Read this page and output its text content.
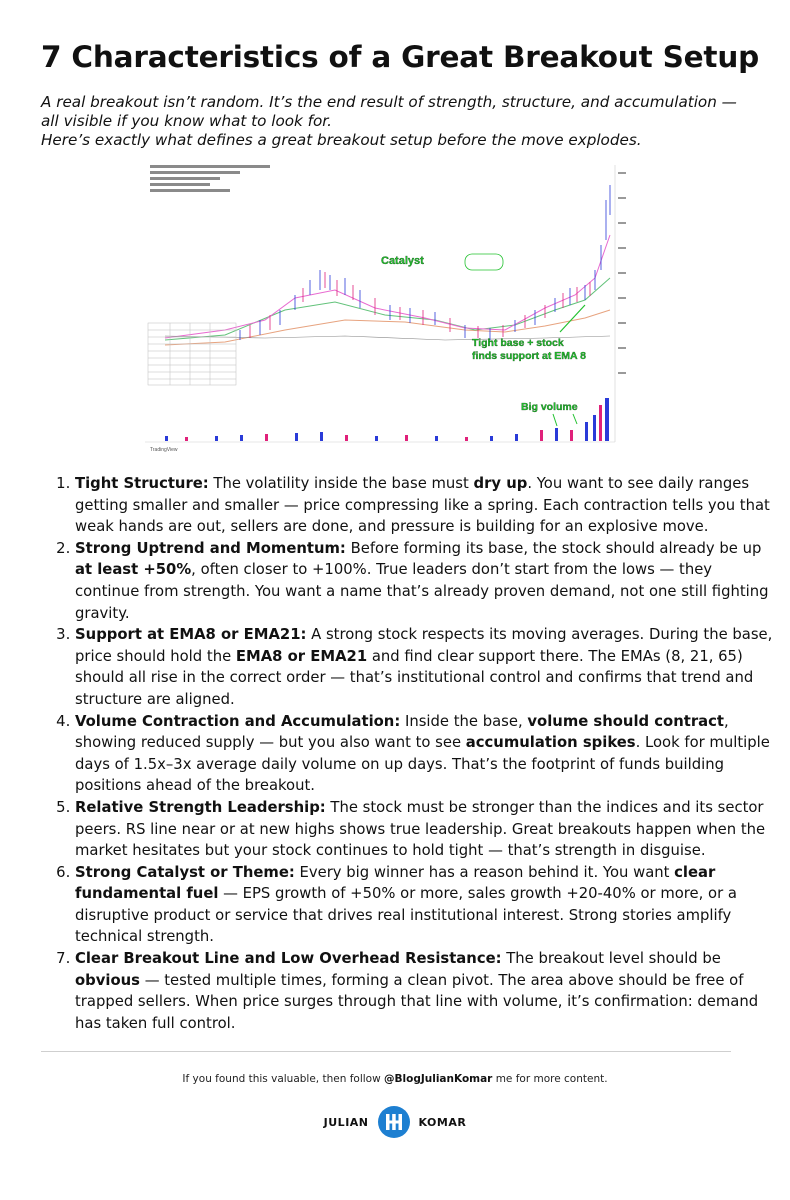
7 Characteristics of a Great Breakout Setup

A real breakout isn’t random. It’s the end result of strength, structure, and accumulation — all visible if you know what to look for.

Here’s exactly what defines a great breakout setup before the move explodes.

Catalyst
Tight base + stock
finds support at EMA 8
Big volume
TradingView
1. Tight Structure: The volatility inside the base must dry up. You want to see daily ranges getting smaller and smaller — price compressing like a spring. Each contraction tells you that weak hands are out, sellers are done, and pressure is building for an explosive move.
2. Strong Uptrend and Momentum: Before forming its base, the stock should already be up at least +50%, often closer to +100%. True leaders don’t start from the lows — they continue from strength. You want a name that’s already proven demand, not one still fighting gravity.
3. Support at EMA8 or EMA21: A strong stock respects its moving averages. During the base, price should hold the EMA8 or EMA21 and find clear support there. The EMAs (8, 21, 65) should all rise in the correct order — that’s institutional control and confirms that trend and structure are aligned.
4. Volume Contraction and Accumulation: Inside the base, volume should contract, showing reduced supply — but you also want to see accumulation spikes. Look for multiple days of 1.5x–3x average daily volume on up days. That’s the footprint of funds building positions ahead of the breakout.
5. Relative Strength Leadership: The stock must be stronger than the indices and its sector peers. RS line near or at new highs shows true leadership. Great breakouts happen when the market hesitates but your stock continues to hold tight — that’s strength in disguise.
6. Strong Catalyst or Theme: Every big winner has a reason behind it. You want clear fundamental fuel — EPS growth of +50% or more, sales growth +20-40% or more, or a disruptive product or service that drives real institutional interest. Strong stories amplify technical strength.
7. Clear Breakout Line and Low Overhead Resistance: The breakout level should be obvious — tested multiple times, forming a clean pivot. The area above should be free of trapped sellers. When price surges through that line with volume, it’s confirmation: demand has taken full control.
If you found this valuable, then follow @BlogJulianKomar me for more content.
JULIAN	KOMAR
